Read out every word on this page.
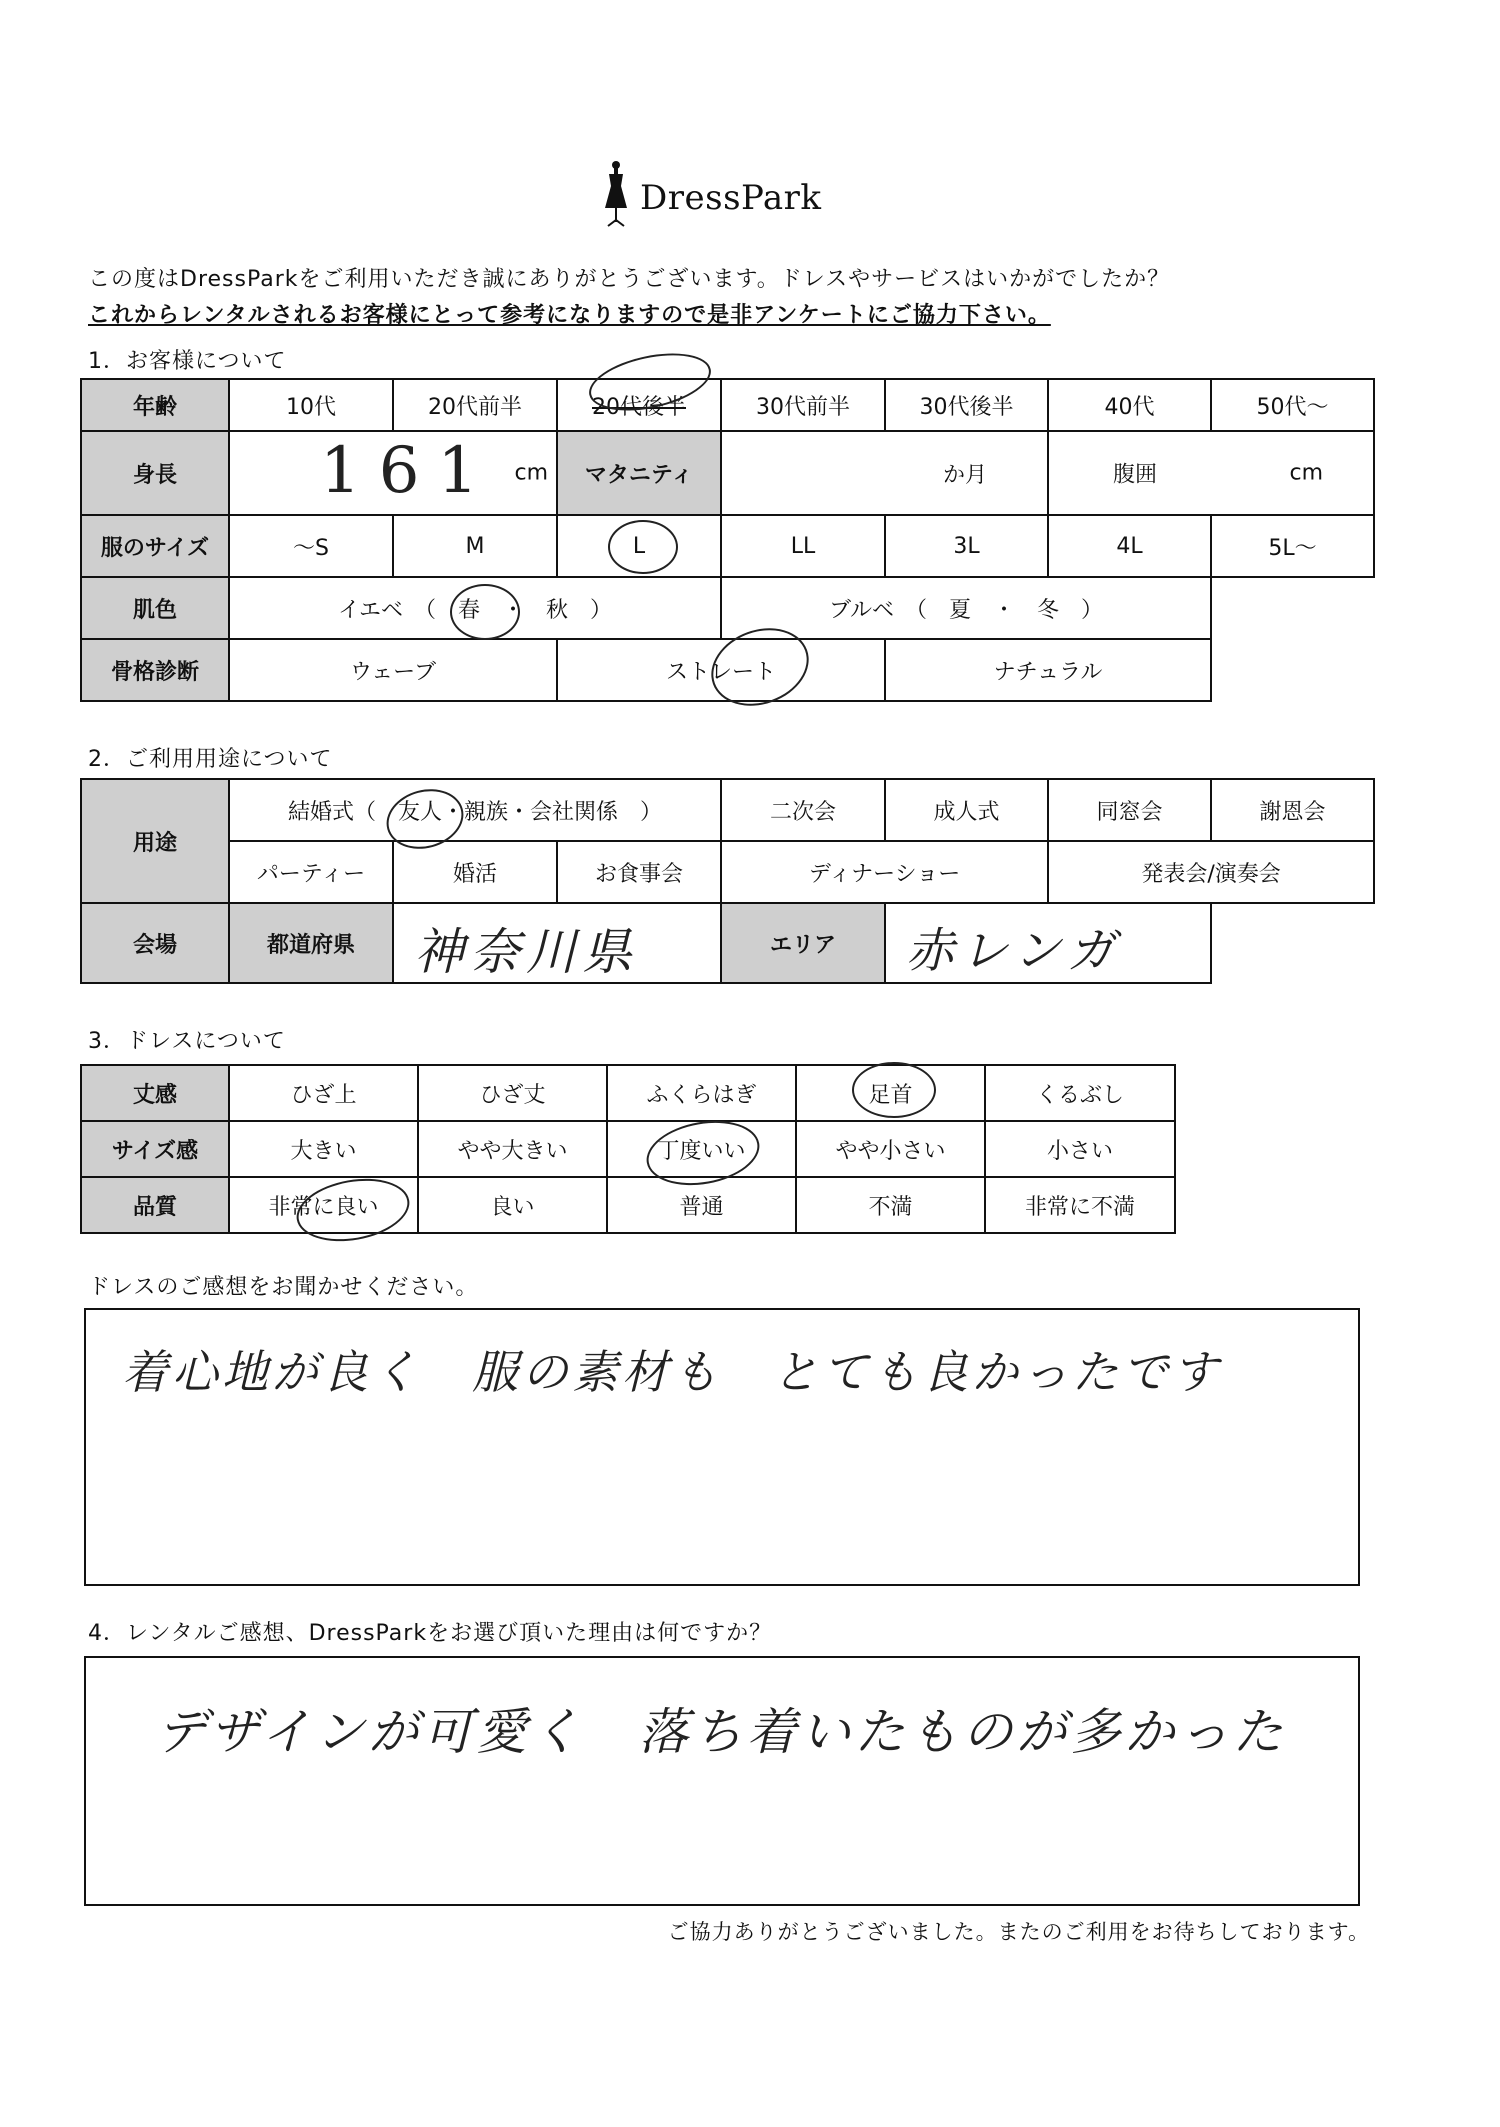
DressPark
この度はDressParkをご利用いただき誠にありがとうございます。ドレスやサービスはいかがでしたか？
これからレンタルされるお客様にとって参考になりますので是非アンケートにご協力下さい。
1．お客様について
年齢	10代	20代前半	20代後半	30代前半	30代後半	40代	50代～
身長	161 cm		マタニティ	か月		腹囲 cm	

服のサイズ	～S	M	L	LL	3L	4L	5L～
肌色	イエベ　（　春　・　秋　）			ブルベ　（　夏　・　冬　）			
骨格診断	ウェーブ		ストレート		ナチュラル		
2．ご利用用途について
用途	結婚式（　友人・親族・会社関係　）			二次会	成人式	同窓会	謝恩会
	パーティー	婚活	お食事会	ディナーショー		発表会/演奏会	
会場	都道府県	神奈川県		エリア	赤レンガ		

3．ドレスについて
丈感	ひざ上	ひざ丈	ふくらはぎ	足首	くるぶし
サイズ感	大きい	やや大きい	丁度いい	やや小さい	小さい
品質	非常に良い	良い	普通	不満	非常に不満
ドレスのご感想をお聞かせください。
着心地が良く　服の素材も　とても良かったです
4．レンタルご感想、DressParkをお選び頂いた理由は何ですか？
デザインが可愛く　落ち着いたものが多かった
ご協力ありがとうございました。またのご利用をお待ちしております。
